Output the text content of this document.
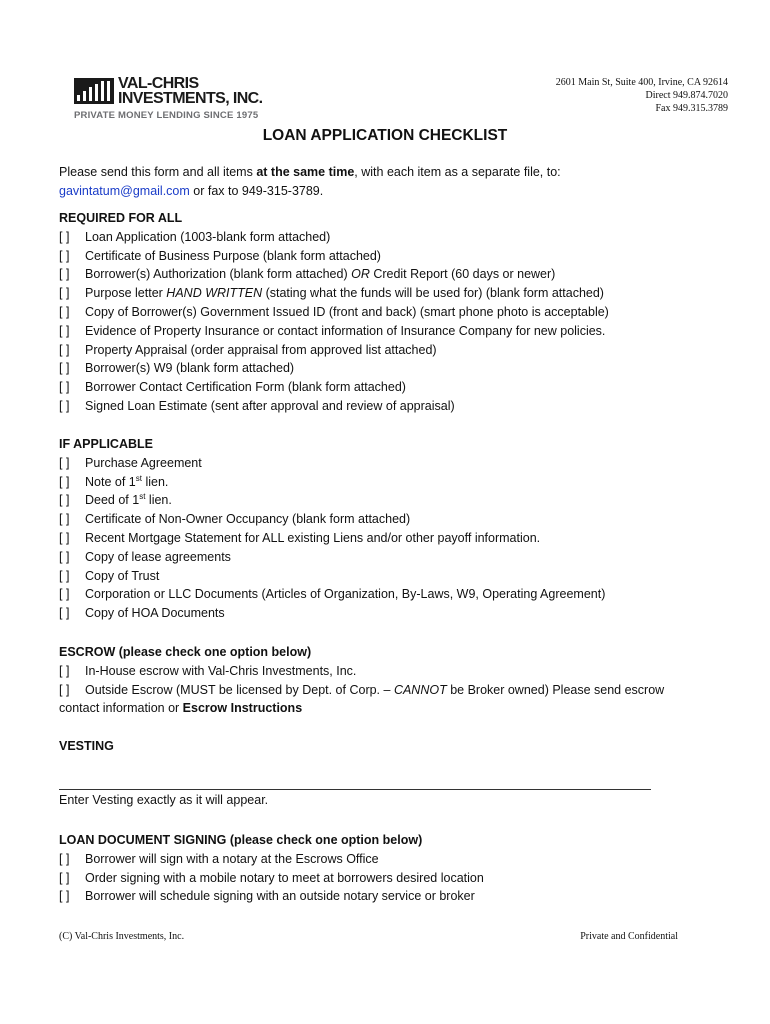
VAL-CHRIS
INVESTMENTS, INC.
PRIVATE MONEY LENDING SINCE 1975
2601 Main St, Suite 400, Irvine, CA 92614
Direct 949.874.7020
Fax 949.315.3789
LOAN APPLICATION CHECKLIST
Please send this form and all items at the same time, with each item as a separate file, to:
gavintatum@gmail.com or fax to 949-315-3789.
REQUIRED FOR ALL
[ ] Loan Application (1003-blank form attached)
[ ] Certificate of Business Purpose (blank form attached)
[ ] Borrower(s) Authorization (blank form attached) OR Credit Report (60 days or newer)
[ ] Purpose letter HAND WRITTEN (stating what the funds will be used for) (blank form attached)
[ ] Copy of Borrower(s) Government Issued ID (front and back) (smart phone photo is acceptable)
[ ] Evidence of Property Insurance or contact information of Insurance Company for new policies.
[ ] Property Appraisal (order appraisal from approved list attached)
[ ] Borrower(s) W9 (blank form attached)
[ ] Borrower Contact Certification Form (blank form attached)
[ ] Signed Loan Estimate (sent after approval and review of appraisal)
IF APPLICABLE
[ ] Purchase Agreement
[ ] Note of 1st lien.
[ ] Deed of 1st lien.
[ ] Certificate of Non-Owner Occupancy (blank form attached)
[ ] Recent Mortgage Statement for ALL existing Liens and/or other payoff information.
[ ] Copy of lease agreements
[ ] Copy of Trust
[ ] Corporation or LLC Documents (Articles of Organization, By-Laws, W9, Operating Agreement)
[ ] Copy of HOA Documents
ESCROW (please check one option below)
[ ] In-House escrow with Val-Chris Investments, Inc.
[ ] Outside Escrow (MUST be licensed by Dept. of Corp. – CANNOT be Broker owned) Please send escrow
contact information or Escrow Instructions
VESTING
Enter Vesting exactly as it will appear.
LOAN DOCUMENT SIGNING (please check one option below)
[ ] Borrower will sign with a notary at the Escrows Office
[ ] Order signing with a mobile notary to meet at borrowers desired location
[ ] Borrower will schedule signing with an outside notary service or broker
(C) Val-Chris Investments, Inc.	Private and Confidential
